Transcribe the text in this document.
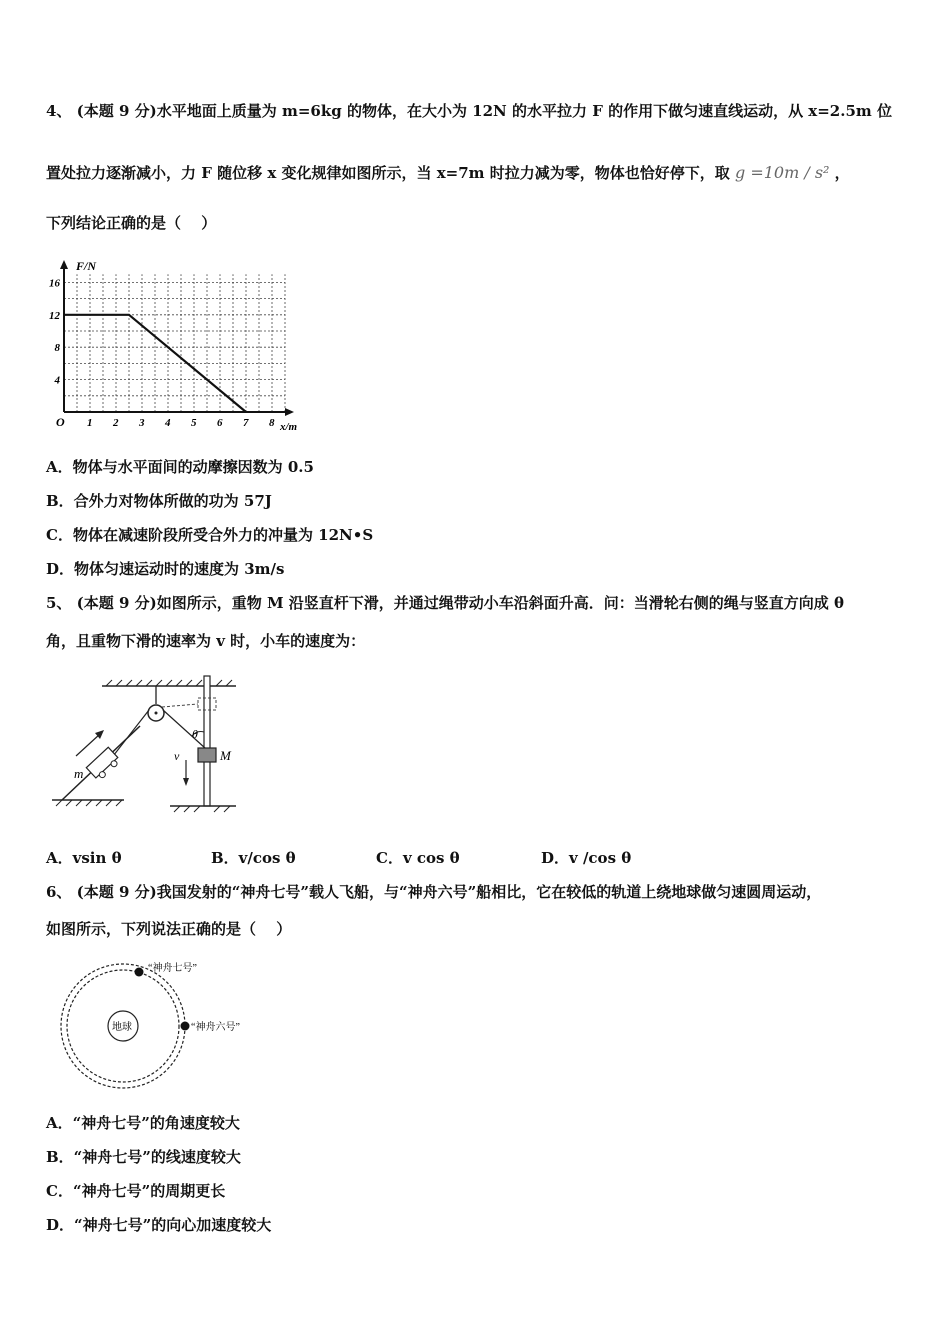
4、 (本题 9 分)水平地面上质量为 m=6kg 的物体，在大小为 12N 的水平拉力 F 的作用下做匀速直线运动，从 x=2.5m 位
置处拉力逐渐减小，力 F 随位移 x 变化规律如图所示，当 x=7m 时拉力减为零，物体也恰好停下，取 g =10m / s² ，
下列结论正确的是（　 ）
1 2 3 4 5 6 7 8
4
8
12
16
F/N
x/m
O
A．物体与水平面间的动摩擦因数为 0.5
B．合外力对物体所做的功为 57J
C．物体在减速阶段所受合外力的冲量为 12N•S
D．物体匀速运动时的速度为 3m/s
5、 (本题 9 分)如图所示，重物 M 沿竖直杆下滑，并通过绳带动小车沿斜面升高．问：当滑轮右侧的绳与竖直方向成 θ
角，且重物下滑的速率为 v 时，小车的速度为：
θ
M
v
m
A．vsin θ	B．v/cos θ	C．v cos θ	D．v /cos θ
6、 (本题 9 分)我国发射的“神舟七号”载人飞船，与“神舟六号”船相比，它在较低的轨道上绕地球做匀速圆周运动，
如图所示，下列说法正确的是（　 ）
地球
“神舟七号”
“神舟六号”
A．“神舟七号”的角速度较大
B．“神舟七号”的线速度较大
C．“神舟七号”的周期更长
D．“神舟七号”的向心加速度较大
